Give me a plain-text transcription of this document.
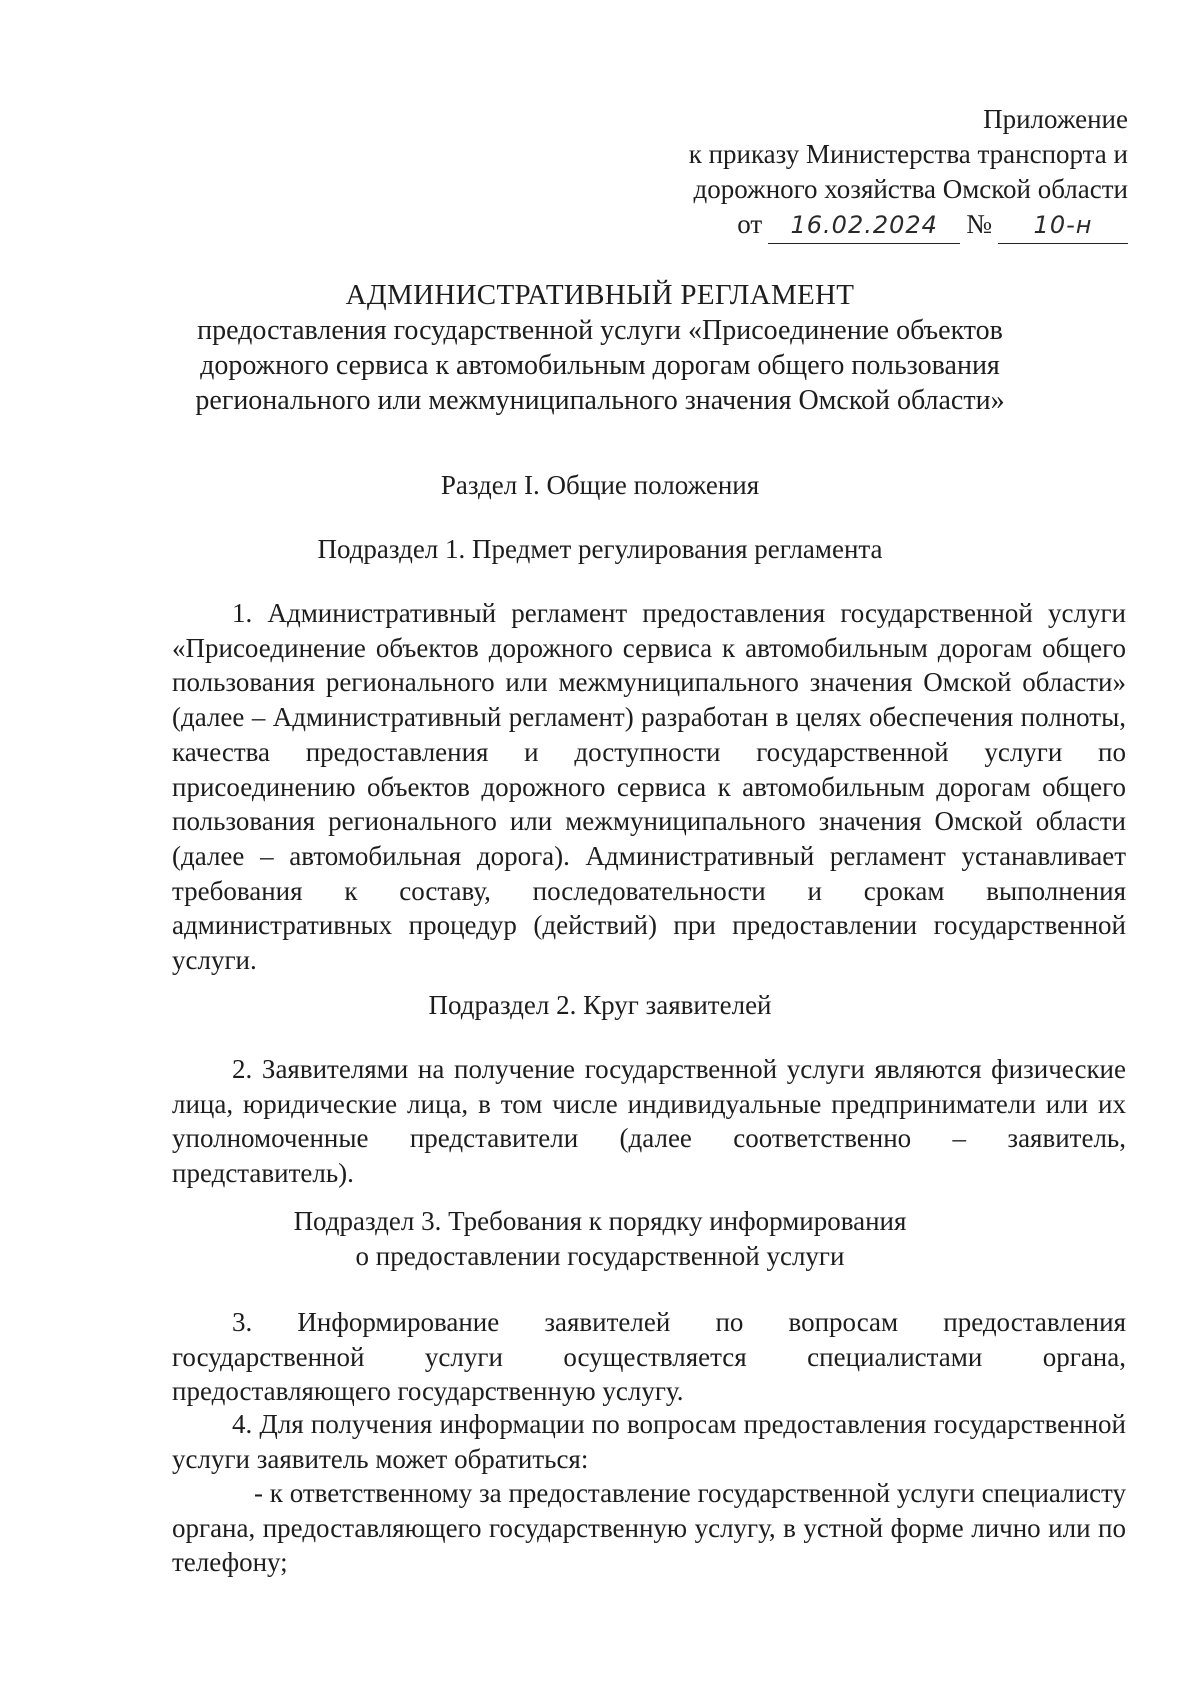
Приложение
к приказу Министерства транспорта и
дорожного хозяйства Омской области
от 16.02.2024 № 10-н
АДМИНИСТРАТИВНЫЙ РЕГЛАМЕНТ
предоставления государственной услуги «Присоединение объектов
дорожного сервиса к автомобильным дорогам общего пользования
регионального или межмуниципального значения Омской области»
Раздел I. Общие положения
Подраздел 1. Предмет регулирования регламента
1. Административный регламент предоставления государственной услуги «Присоединение объектов дорожного сервиса к автомобильным дорогам общего пользования регионального или межмуниципального значения Омской области» (далее – Административный регламент) разработан в целях обеспечения полноты, качества предоставления и доступности государственной услуги по присоединению объектов дорожного сервиса к автомобильным дорогам общего пользования регионального или межмуниципального значения Омской области (далее – автомобильная дорога). Административный регламент устанавливает требования к составу, последовательности и срокам выполнения административных процедур (действий) при предоставлении государственной услуги.
Подраздел 2. Круг заявителей
2. Заявителями на получение государственной услуги являются физические лица, юридические лица, в том числе индивидуальные предприниматели или их уполномоченные представители (далее соответственно – заявитель, представитель).
Подраздел 3. Требования к порядку информирования
о предоставлении государственной услуги
3. Информирование заявителей по вопросам предоставления государственной услуги осуществляется специалистами органа, предоставляющего государственную услугу.
4. Для получения информации по вопросам предоставления государственной услуги заявитель может обратиться:
- к ответственному за предоставление государственной услуги специалисту органа, предоставляющего государственную услугу, в устной форме лично или по телефону;
